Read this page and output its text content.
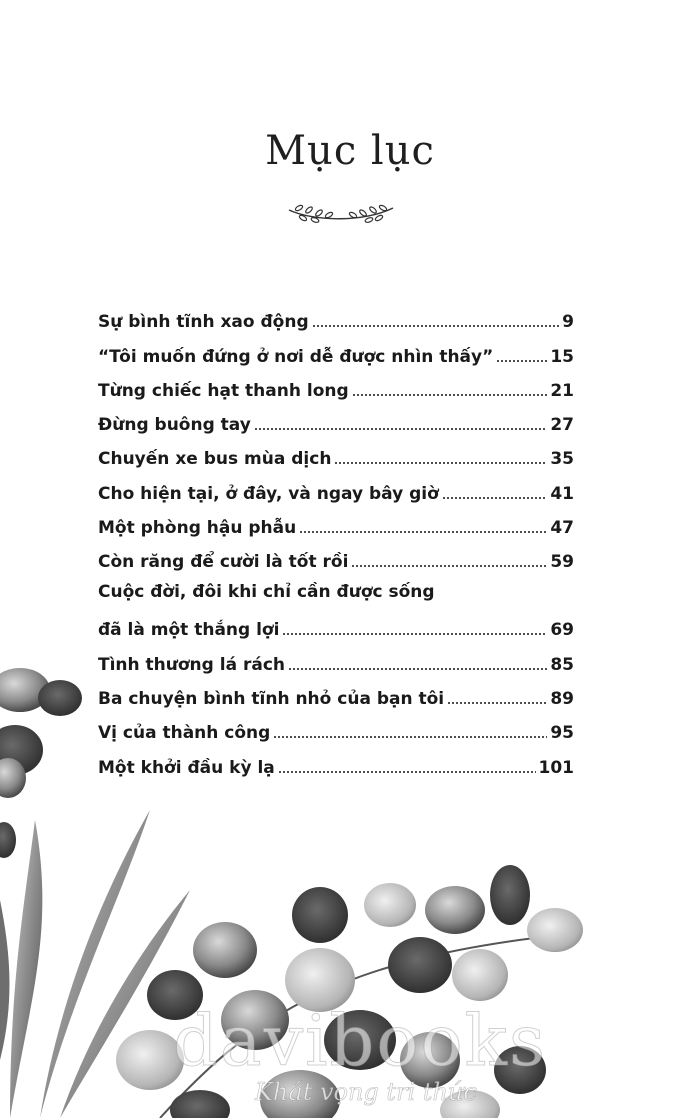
Mục lục
Sự bình tĩnh xao động	9
“Tôi muốn đứng ở nơi dễ được nhìn thấy”	15
Từng chiếc hạt thanh long	21
Đừng buông tay	27
Chuyến xe bus mùa dịch	35
Cho hiện tại, ở đây, và ngay bây giờ	41
Một phòng hậu phẫu	47
Còn răng để cười là tốt rồi	59
Cuộc đời, đôi khi chỉ cần được sống
đã là một thắng lợi	69
Tình thương lá rách	85
Ba chuyện bình tĩnh nhỏ của bạn tôi	89
Vị của thành công	95
Một khởi đầu kỳ lạ	101
davibooks
Khát vọng tri thức
